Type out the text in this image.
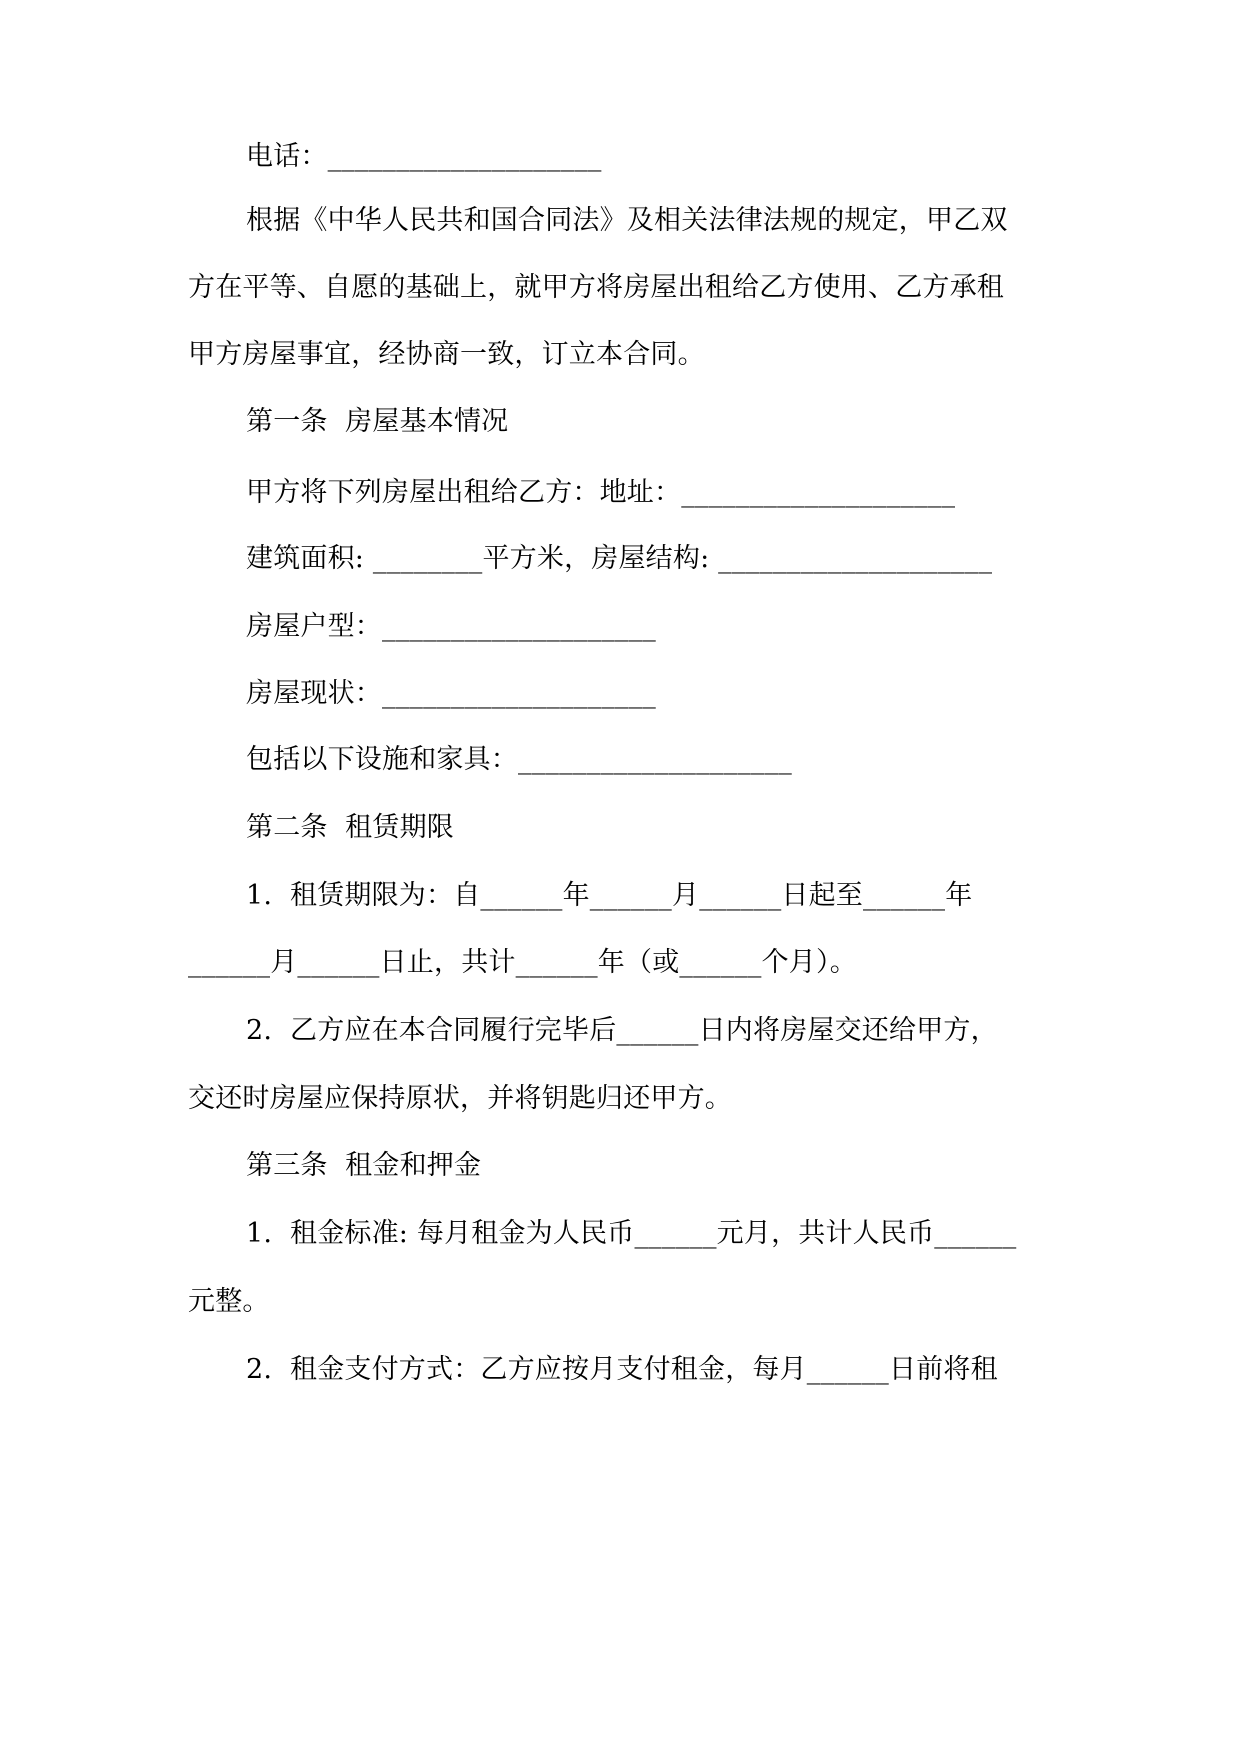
电话：____________________

根据《中华人民共和国合同法》及相关法律法规的规定，甲乙双

方在平等、自愿的基础上，就甲方将房屋出租给乙方使用、乙方承租

甲方房屋事宜，经协商一致，订立本合同。

第一条  房屋基本情况

甲方将下列房屋出租给乙方：地址：____________________

建筑面积: ________平方米，房屋结构: ____________________

房屋户型：____________________

房屋现状：____________________

包括以下设施和家具：____________________

第二条  租赁期限

1. 租赁期限为：自______年______月______日起至______年

______月______日止，共计______年（或______个月）。

2. 乙方应在本合同履行完毕后______日内将房屋交还给甲方，

交还时房屋应保持原状，并将钥匙归还甲方。

第三条  租金和押金

1. 租金标准: 每月租金为人民币______元月，共计人民币______

元整。

2. 租金支付方式：乙方应按月支付租金，每月______日前将租
